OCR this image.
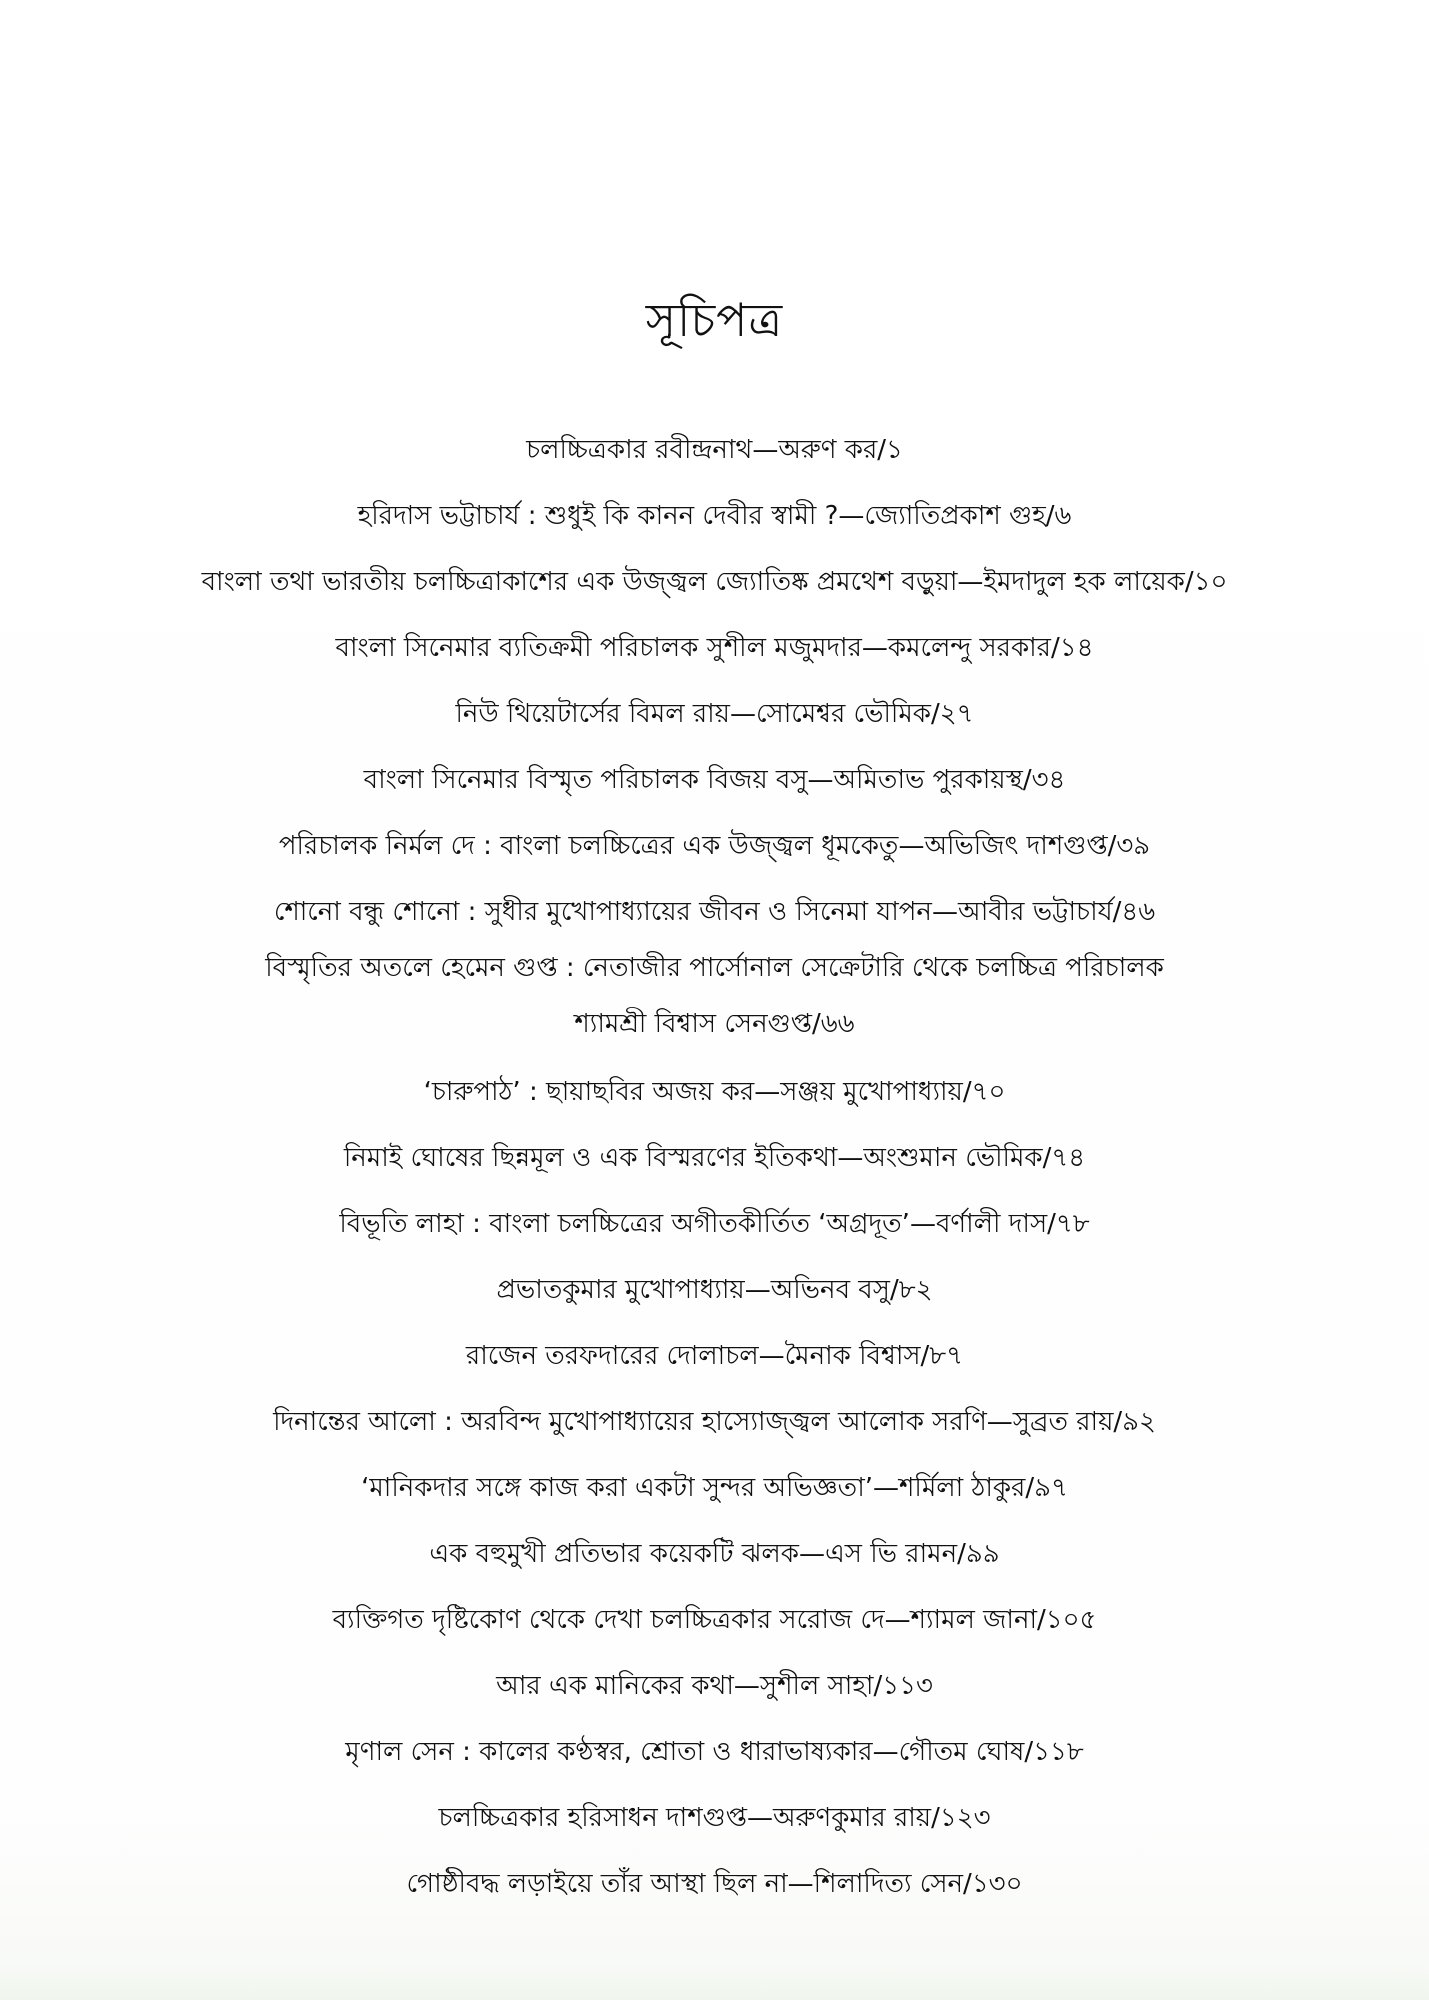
সূচিপত্র
চলচ্চিত্রকার রবীন্দ্রনাথ—অরুণ কর/১
হরিদাস ভট্টাচার্য : শুধুই কি কানন দেবীর স্বামী ?—জ্যোতিপ্রকাশ গুহ/৬
বাংলা তথা ভারতীয় চলচ্চিত্রাকাশের এক উজ্জ্বল জ্যোতিষ্ক প্রমথেশ বড়ুয়া—ইমদাদুল হক লায়েক/১০
বাংলা সিনেমার ব্যতিক্রমী পরিচালক সুশীল মজুমদার—কমলেন্দু সরকার/১৪
নিউ থিয়েটার্সের বিমল রায়—সোমেশ্বর ভৌমিক/২৭
বাংলা সিনেমার বিস্মৃত পরিচালক বিজয় বসু—অমিতাভ পুরকায়স্থ/৩৪
পরিচালক নির্মল দে : বাংলা চলচ্চিত্রের এক উজ্জ্বল ধূমকেতু—অভিজিৎ দাশগুপ্ত/৩৯
শোনো বন্ধু শোনো : সুধীর মুখোপাধ্যায়ের জীবন ও সিনেমা যাপন—আবীর ভট্টাচার্য/৪৬
বিস্মৃতির অতলে হেমেন গুপ্ত : নেতাজীর পার্সোনাল সেক্রেটারি থেকে চলচ্চিত্র পরিচালক
শ্যামশ্রী বিশ্বাস সেনগুপ্ত/৬৬
‘চারুপাঠ’ : ছায়াছবির অজয় কর—সঞ্জয় মুখোপাধ্যায়/৭০
নিমাই ঘোষের ছিন্নমূল ও এক বিস্মরণের ইতিকথা—অংশুমান ভৌমিক/৭৪
বিভূতি লাহা : বাংলা চলচ্চিত্রের অগীতকীর্তিত ‘অগ্রদূত’—বর্ণালী দাস/৭৮
প্রভাতকুমার মুখোপাধ্যায়—অভিনব বসু/৮২
রাজেন তরফদারের দোলাচল—মৈনাক বিশ্বাস/৮৭
দিনান্তের আলো : অরবিন্দ মুখোপাধ্যায়ের হাস্যোজ্জ্বল আলোক সরণি—সুব্রত রায়/৯২
‘মানিকদার সঙ্গে কাজ করা একটা সুন্দর অভিজ্ঞতা’—শর্মিলা ঠাকুর/৯৭
এক বহুমুখী প্রতিভার কয়েকটি ঝলক—এস ভি রামন/৯৯
ব্যক্তিগত দৃষ্টিকোণ থেকে দেখা চলচ্চিত্রকার সরোজ দে—শ্যামল জানা/১০৫
আর এক মানিকের কথা—সুশীল সাহা/১১৩
মৃণাল সেন : কালের কণ্ঠস্বর, শ্রোতা ও ধারাভাষ্যকার—গৌতম ঘোষ/১১৮
চলচ্চিত্রকার হরিসাধন দাশগুপ্ত—অরুণকুমার রায়/১২৩
গোষ্ঠীবদ্ধ লড়াইয়ে তাঁর আস্থা ছিল না—শিলাদিত্য সেন/১৩০
